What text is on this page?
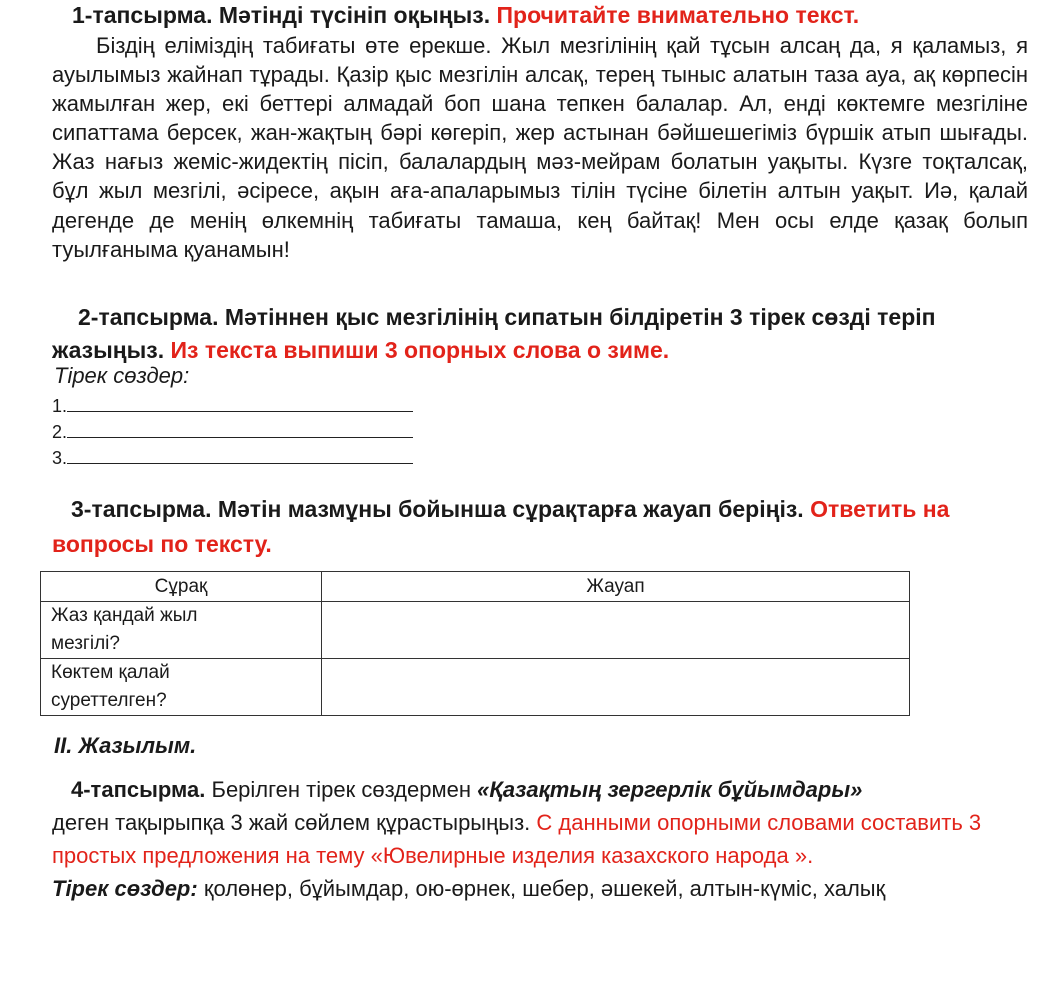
1-тапсырма. Мәтінді түсініп оқыңыз. Прочитайте внимательно текст.

Біздің еліміздің табиғаты өте ерекше. Жыл мезгілінің қай тұсын алсаң да, я қаламыз, я ауылымыз жайнап тұрады. Қазір қыс мезгілін алсақ, терең тыныс алатын таза ауа, ақ көрпесін жамылған жер, екі беттері алмадай боп шана тепкен балалар. Ал, енді көктемге мезгіліне сипаттама берсек, жан-жақтың бәрі көгеріп, жер астынан бәйшешегіміз бүршік атып шығады. Жаз нағыз жеміс-жидектің пісіп, балалардың мәз-мейрам болатын уақыты. Күзге тоқталсақ, бұл жыл мезгілі, әсіресе, ақын аға-апаларымыз тілін түсіне білетін алтын уақыт. Иә, қалай дегенде де менің өлкемнің табиғаты тамаша, кең байтақ! Мен осы елде қазақ болып туылғаныма қуанамын!

2-тапсырма. Мәтіннен қыс мезгілінің сипатын білдіретін 3 тірек сөзді теріп
жазыңыз. Из текста выпиши 3 опорных слова о зиме.
Тірек сөздер:
1.
2.
3.
3-тапсырма. Мәтін мазмұны бойынша сұрақтарға жауап беріңіз. Ответить на
вопросы по тексту.
Сұрақ	Жауап

Жаз қандай жыл
мезгілі?	

Көктем қалай
суреттелген?	

ІІ. Жазылым.
4-тапсырма. Берілген тірек сөздермен «Қазақтың зергерлік бұйымдары»
деген тақырыпқа 3 жай сөйлем құрастырыңыз. С данными опорными словами составить 3 простых предложения на тему «Ювелирные изделия казахского народа ».
Тірек сөздер: қолөнер, бұйымдар, ою-өрнек, шебер, әшекей, алтын-күміс, халық
